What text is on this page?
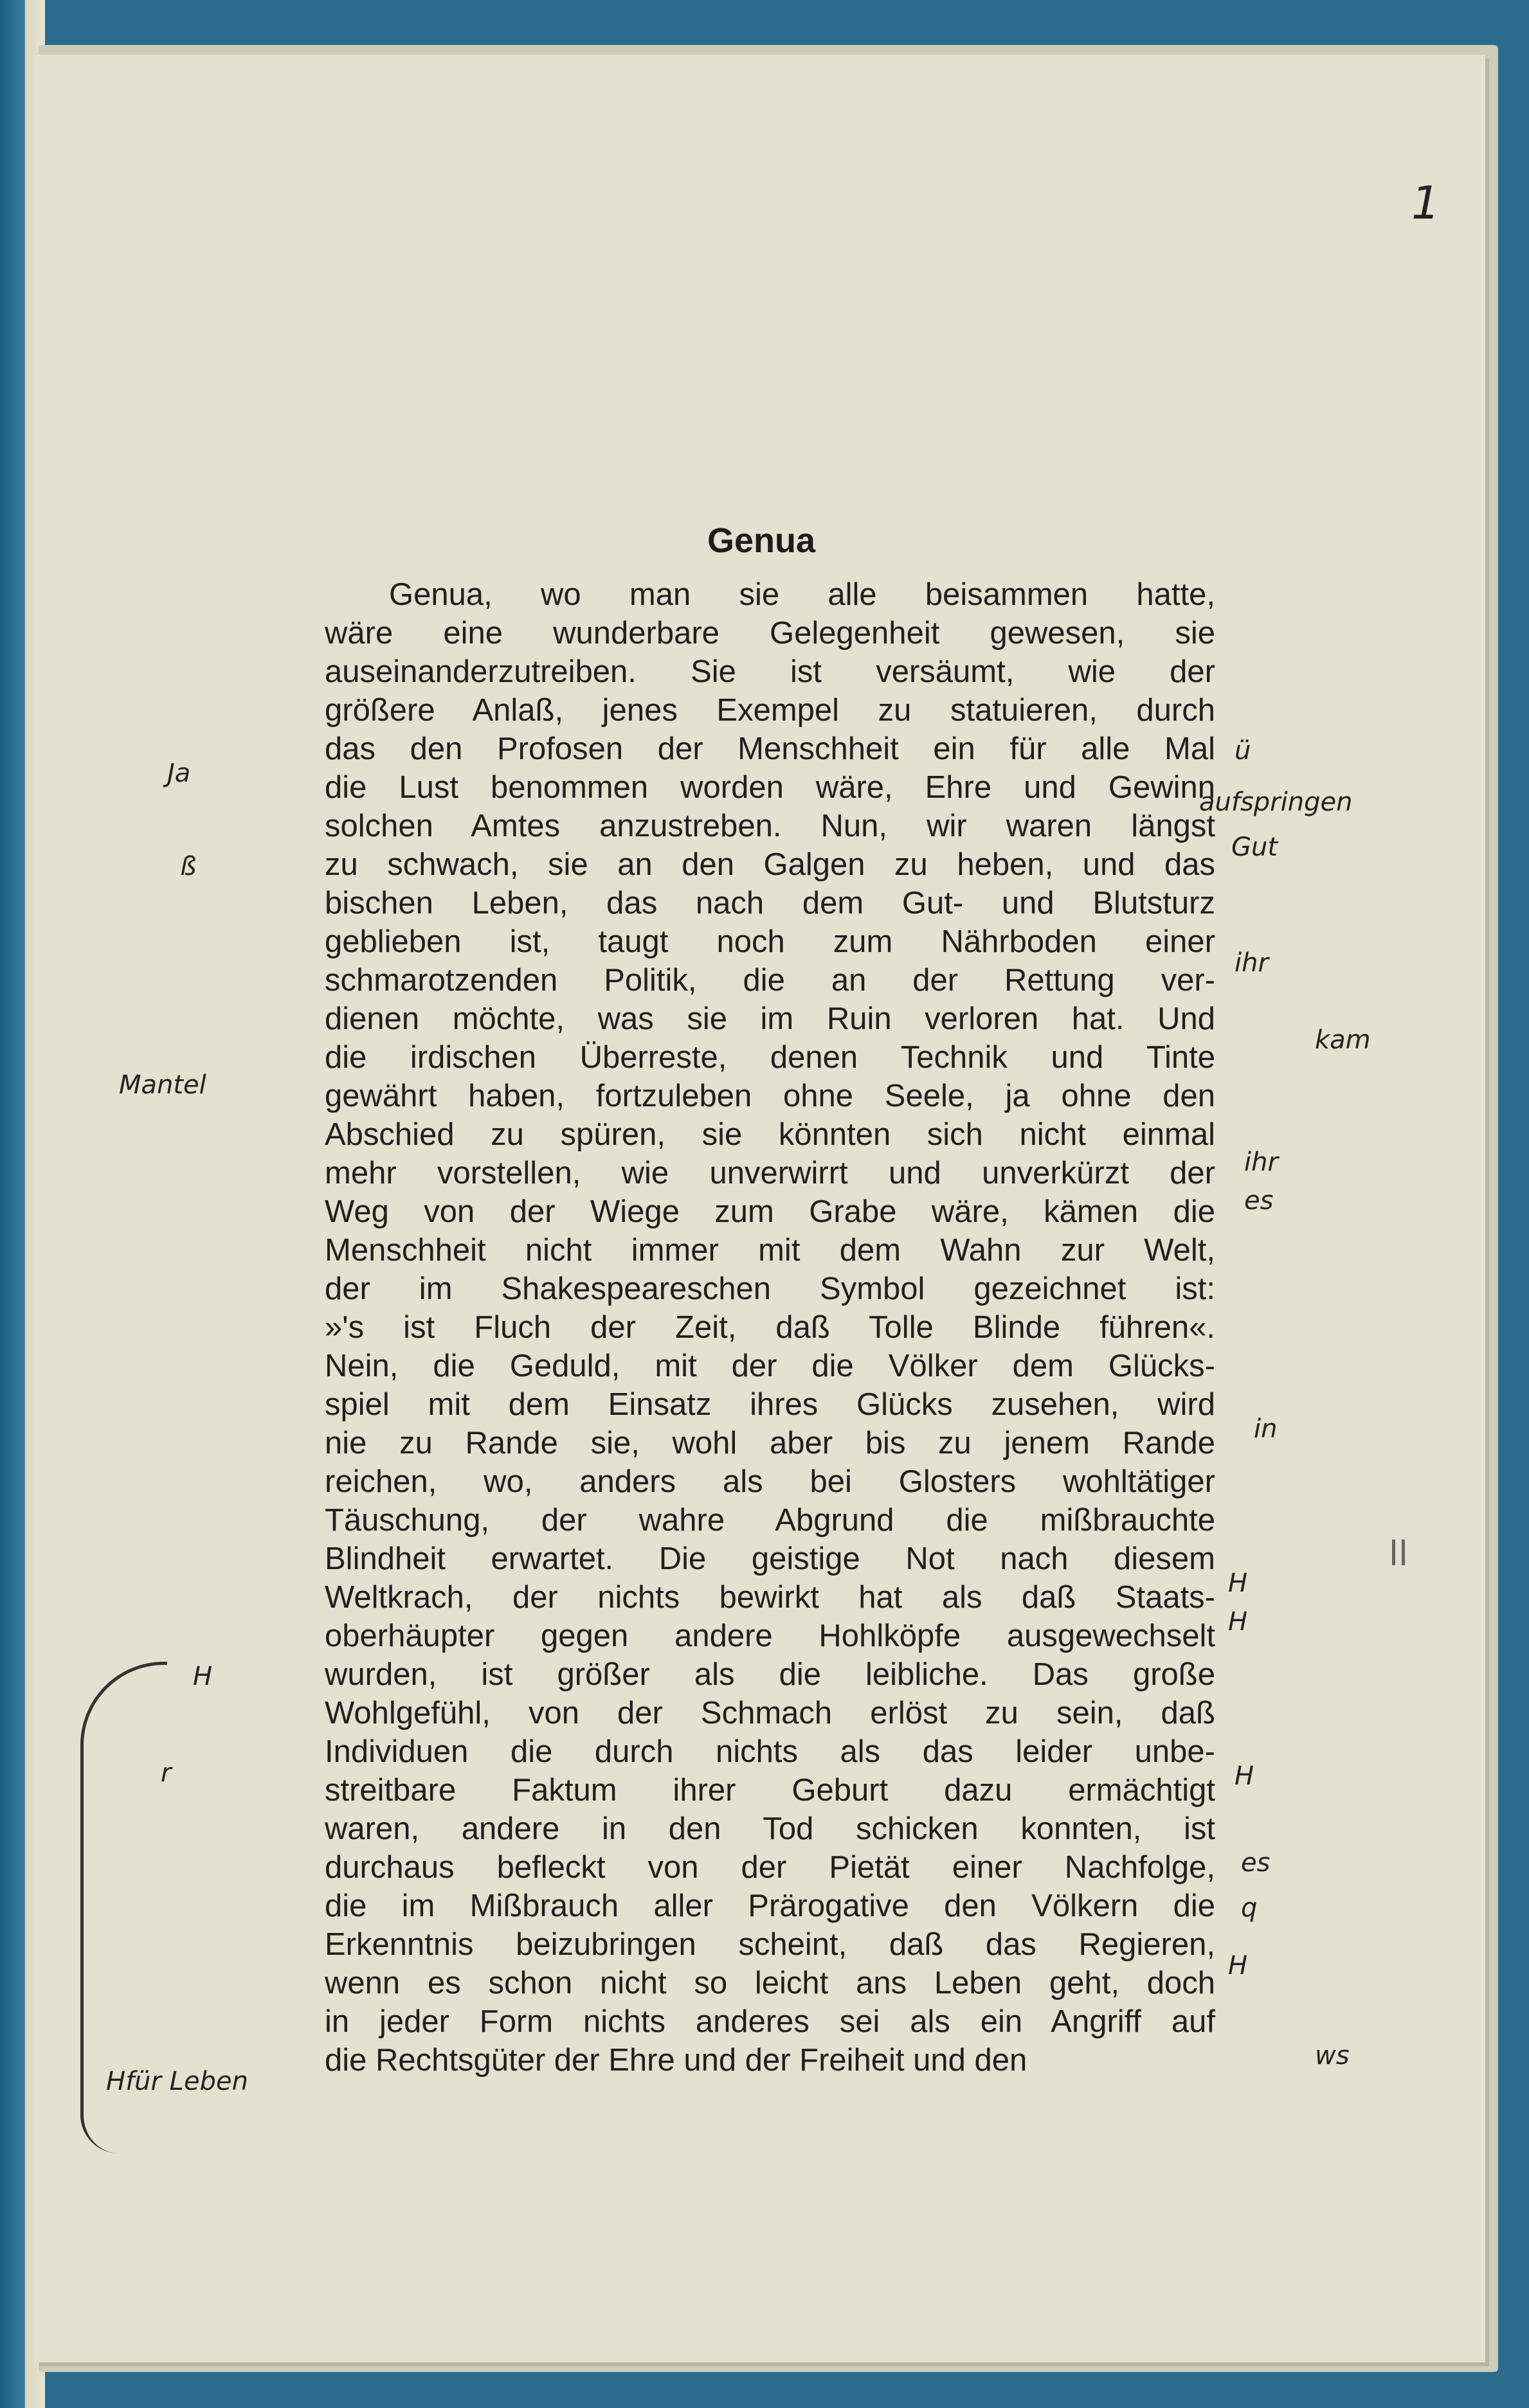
1
Genua
Genua, wo man sie alle beisammen hatte,
wäre eine wunderbare Gelegenheit gewesen, sie
auseinanderzutreiben. Sie ist versäumt, wie der
größere Anlaß, jenes Exempel zu statuieren, durch
das den Profosen der Menschheit ein für alle Mal
die Lust benommen worden wäre, Ehre und Gewinn
solchen Amtes anzustreben. Nun, wir waren längst
zu schwach, sie an den Galgen zu heben, und das
bischen Leben, das nach dem Gut- und Blutsturz
geblieben ist, taugt noch zum Nährboden einer
schmarotzenden Politik, die an der Rettung ver-
dienen möchte, was sie im Ruin verloren hat. Und
die irdischen Überreste, denen Technik und Tinte
gewährt haben, fortzuleben ohne Seele, ja ohne den
Abschied zu spüren, sie könnten sich nicht einmal
mehr vorstellen, wie unverwirrt und unverkürzt der
Weg von der Wiege zum Grabe wäre, kämen die
Menschheit nicht immer mit dem Wahn zur Welt,
der im Shakespeareschen Symbol gezeichnet ist:
»'s ist Fluch der Zeit, daß Tolle Blinde führen«.
Nein, die Geduld, mit der die Völker dem Glücks-
spiel mit dem Einsatz ihres Glücks zusehen, wird
nie zu Rande sie, wohl aber bis zu jenem Rande
reichen, wo, anders als bei Glosters wohltätiger
Täuschung, der wahre Abgrund die mißbrauchte
Blindheit erwartet. Die geistige Not nach diesem
Weltkrach, der nichts bewirkt hat als daß Staats-
oberhäupter gegen andere Hohlköpfe ausgewechselt
wurden, ist größer als die leibliche. Das große
Wohlgefühl, von der Schmach erlöst zu sein, daß
Individuen die durch nichts als das leider unbe-
streitbare Faktum ihrer Geburt dazu ermächtigt
waren, andere in den Tod schicken konnten, ist
durchaus befleckt von der Pietät einer Nachfolge,
die im Mißbrauch aller Prärogative den Völkern die
Erkenntnis beizubringen scheint, daß das Regieren,
wenn es schon nicht so leicht ans Leben geht, doch
in jeder Form nichts anderes sei als ein Angriff auf
die Rechtsgüter der Ehre und der Freiheit und den
Ja
ß
Mantel
H
r
Hfür Leben
ü
aufspringen
Gut
ihr
kam
ihr
es
in
H
H
H
es
q
H
ws
